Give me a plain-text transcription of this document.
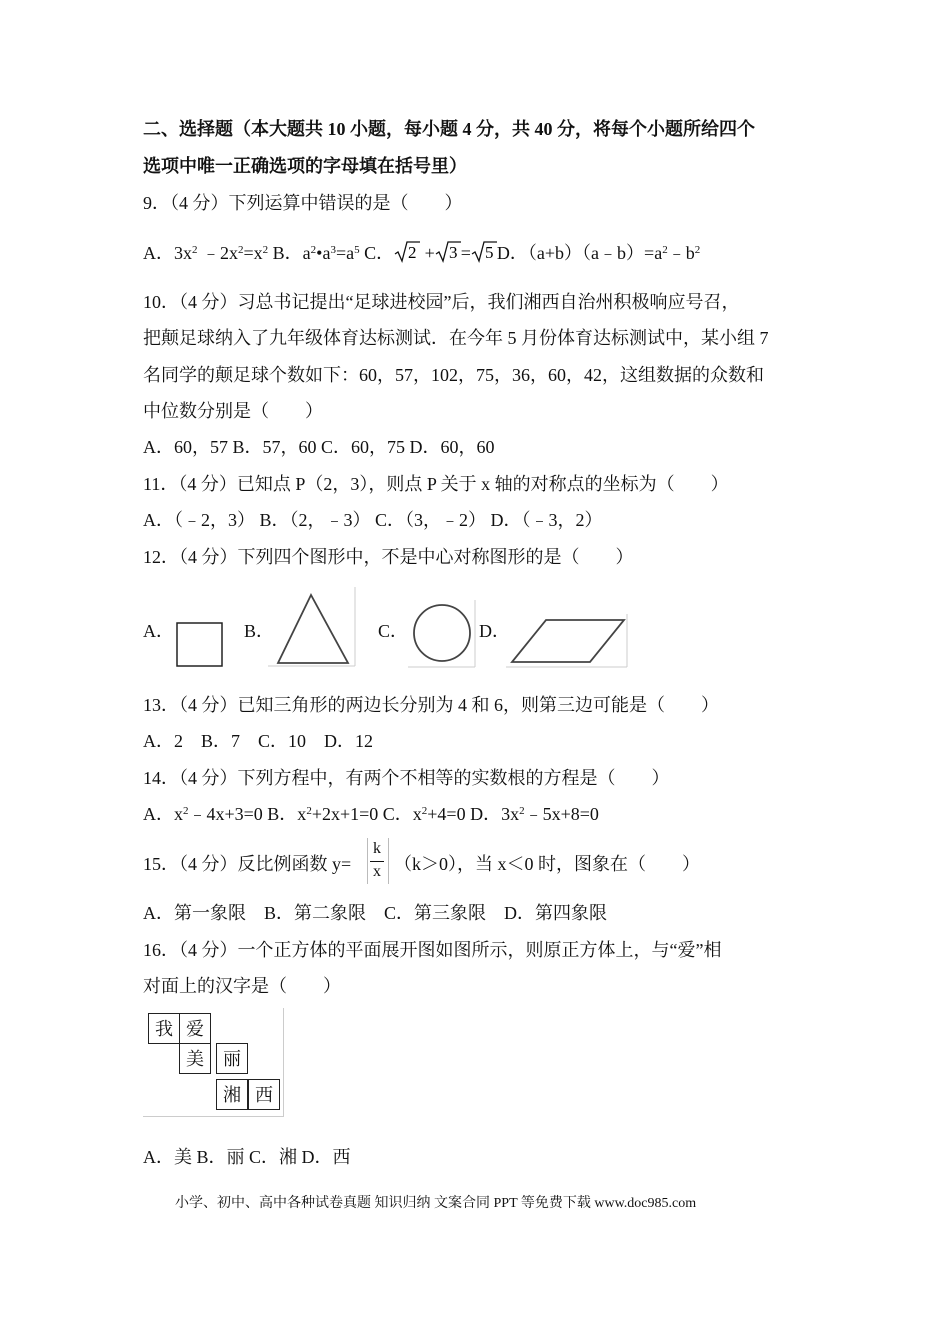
二、选择题（本大题共 10 小题，每小题 4 分，共 40 分，将每个小题所给四个
选项中唯一正确选项的字母填在括号里）
9．（4 分）下列运算中错误的是（　　）
A．$3x^2$ $﹣2x^2=x^2$ B．$a^2•a^3=a^5$ C． 2 + 3 = 5 D．$(a+b)(a﹣b)=a^2﹣b^2$
10．（4 分）习总书记提出“足球进校园”后，我们湘西自治州积极响应号召，
把颠足球纳入了九年级体育达标测试．在今年 5 月份体育达标测试中，某小组 7
名同学的颠足球个数如下：60，57，102，75，36，60，42，这组数据的众数和
中位数分别是（　　）
A．60，57 B．57，60 C．60，75 D．60，60
11．（4 分）已知点 P（2，3），则点 P 关于 x 轴的对称点的坐标为（　　）
A．（﹣2，3） B．（2，﹣3） C．（3，﹣2） D．（﹣3，2）
12．（4 分）下列四个图形中，不是中心对称图形的是（　　）
A．	B．	C．	D．
13．（4 分）已知三角形的两边长分别为 4 和 6，则第三边可能是（　　）
A．2　B．7　C．10　D．12
14．（4 分）下列方程中，有两个不相等的实数根的方程是（　　）
A．$x^2﹣4x+3=0$ B．$x^2+2x+1=0$ C．$x^2+4=0$ D．$3x^2﹣5x+8=0$
15．（4 分）反比例函数 y=
k
x （k＞0），当 x＜0 时，图象在（　　）
A．第一象限　B．第二象限　C．第三象限　D．第四象限
16．（4 分）一个正方体的平面展开图如图所示，则原正方体上，与“爱”相
对面上的汉字是（　　）
我 爱
美	丽
湘 西
A．美 B．丽 C．湘 D．西
小学、初中、高中各种试卷真题 知识归纳 文案合同 PPT 等免费下载 www.doc985.com
